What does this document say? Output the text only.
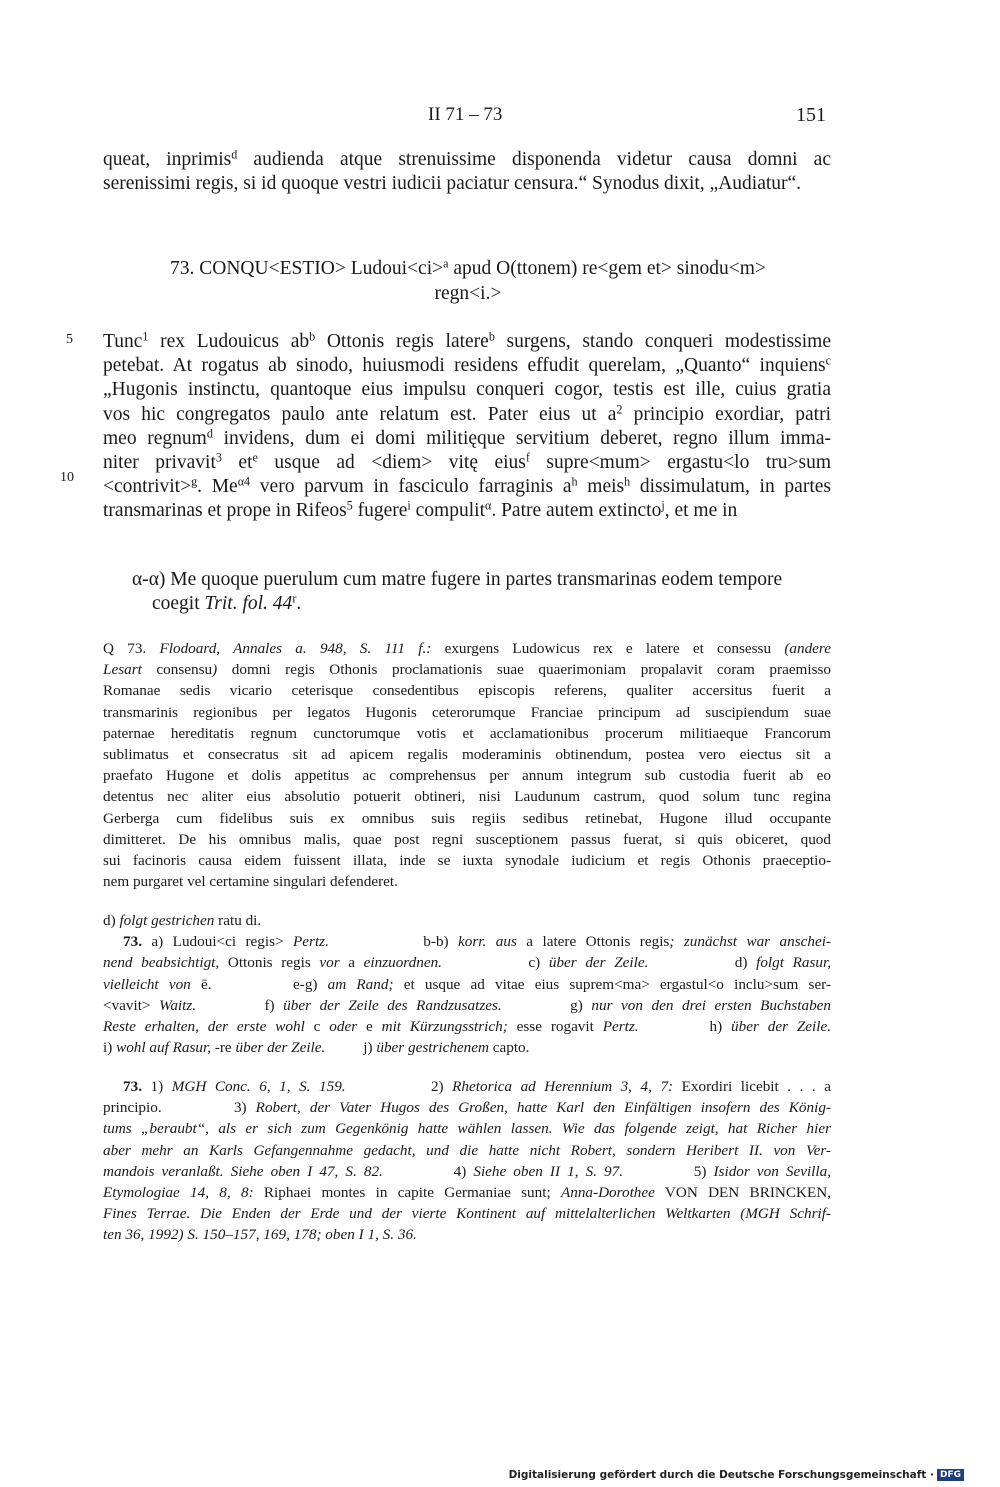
II 71 – 73	151
queat, inprimis$^d$ audienda atque strenuissime disponenda videtur causa domni ac
serenissimi regis, si id quoque vestri iudicii paciatur censura.“ Synodus dixit, „Audiatur“.
73. CONQU<ESTIO> Ludoui<ci>$^a$ apud O(ttonem) re<gem et> sinodu<m>
regn<i.>
5
10
Tunc$^1$ rex Ludouicus $ab^b$ Ottonis regis latere$^b$ surgens, stando conqueri modestissime
petebat. At rogatus ab sinodo, huiusmodi residens effudit querelam, „Quanto“ inquiens$^c$
„Hugonis instinctu, quantoque eius impulsu conqueri cogor, testis est ille, cuius gratia
vos hic congregatos paulo ante relatum est. Pater eius ut $a^2$ principio exordiar, patri
meo regnum$^d$ invidens, dum ei domi militięque servitium deberet, regno illum imma-
niter privavit$^3$ $et^e$ usque ad <diem> vitę eius$^f$ supre<mum> ergastu<lo tru>sum
<contrivit>$^g$. $Me^{\alpha 4}$ vero parvum in fasciculo farraginis $a^h$ meis$^h$ dissimulatum, in partes
transmarinas et prope in Rifeos$^5$ fugere$^i$ compulit$^\alpha$. Patre autem extincto$^j$, et me in
α-α) Me quoque puerulum cum matre fugere in partes transmarinas eodem tempore
coegit Trit. fol. 44$^r$.
Q 73. Flodoard, Annales a. 948, S. 111 f.: exurgens Ludowicus rex e latere et consessu (andere
Lesart consensu) domni regis Othonis proclamationis suae quaerimoniam propalavit coram praemisso
Romanae sedis vicario ceterisque consedentibus episcopis referens, qualiter accersitus fuerit a
transmarinis regionibus per legatos Hugonis ceterorumque Franciae principum ad suscipiendum suae
paternae hereditatis regnum cunctorumque votis et acclamationibus procerum militiaeque Francorum
sublimatus et consecratus sit ad apicem regalis moderaminis obtinendum, postea vero eiectus sit a
praefato Hugone et dolis appetitus ac comprehensus per annum integrum sub custodia fuerit ab eo
detentus nec aliter eius absolutio potuerit obtineri, nisi Laudunum castrum, quod solum tunc regina
Gerberga cum fidelibus suis ex omnibus suis regiis sedibus retinebat, Hugone illud occupante
dimitteret. De his omnibus malis, quae post regni susceptionem passus fuerat, si quis obiceret, quod
sui facinoris causa eidem fuissent illata, inde se iuxta synodale iudicium et regis Othonis praeceptio-
nem purgaret vel certamine singulari defenderet.
d) folgt gestrichen ratu di.
73. a) Ludoui<ci regis> Pertz.          b-b) korr. aus a latere Ottonis regis; zunächst war anschei-
nend beabsichtigt, Ottonis regis vor a einzuordnen.          c) über der Zeile.          d) folgt Rasur,
vielleicht von ē.        e-g) am Rand; et usque ad vitae eius suprem<ma> ergastul<o inclu>sum ser-
<vavit> Waitz.        f) über der Zeile des Randzusatzes.        g) nur von den drei ersten Buchstaben
Reste erhalten, der erste wohl c oder e mit Kürzungsstrich; esse rogavit Pertz.        h) über der Zeile.
i) wohl auf Rasur, -re über der Zeile.          j) über gestrichenem capto.
73. 1) MGH Conc. 6, 1, S. 159.          2) Rhetorica ad Herennium 3, 4, 7: Exordiri licebit . . . a
principio.        3) Robert, der Vater Hugos des Großen, hatte Karl den Einfältigen insofern des König-
tums „beraubt“, als er sich zum Gegenkönig hatte wählen lassen. Wie das folgende zeigt, hat Richer hier
aber mehr an Karls Gefangennahme gedacht, und die hatte nicht Robert, sondern Heribert II. von Ver-
mandois veranlaßt. Siehe oben I 47, S. 82.          4) Siehe oben II 1, S. 97.          5) Isidor von Sevilla,
Etymologiae 14, 8, 8: Riphaei montes in capite Germaniae sunt; Anna-Dorothee VON DEN BRINCKEN,
Fines Terrae. Die Enden der Erde und der vierte Kontinent auf mittelalterlichen Weltkarten (MGH Schrif-
ten 36, 1992) S. 150–157, 169, 178; oben I 1, S. 36.
Digitalisierung gefördert durch die Deutsche Forschungsgemeinschaft · DFG
